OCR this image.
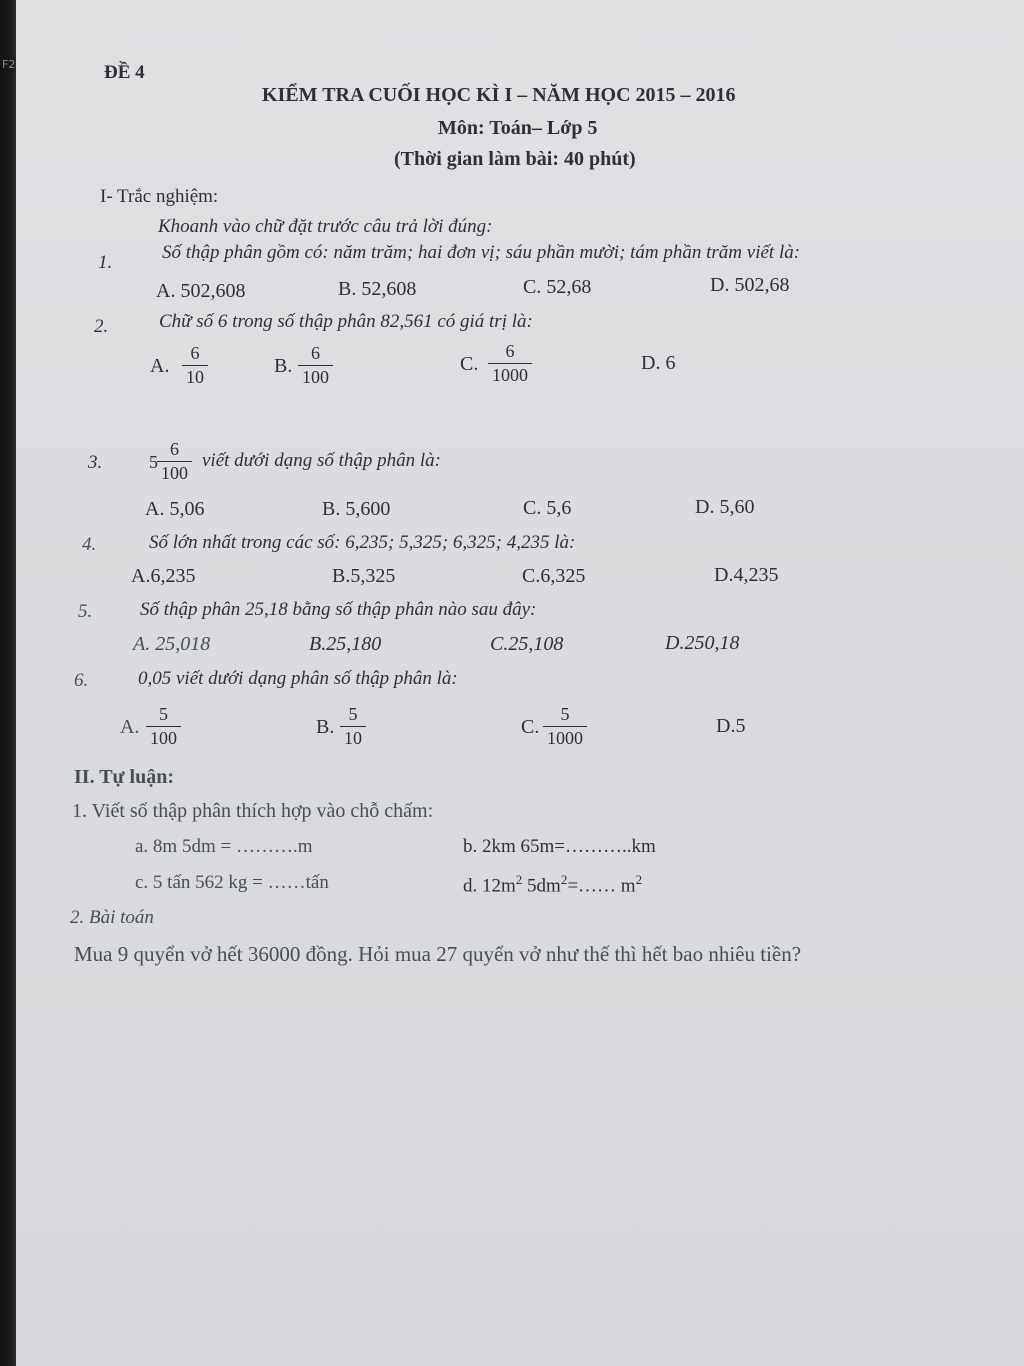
F2	ĐỀ 4
KIỂM TRA CUỐI HỌC KÌ I – NĂM HỌC 2015 – 2016
Môn: Toán– Lớp 5
(Thời gian làm bài: 40 phút)
I- Trắc nghiệm:
Khoanh vào chữ đặt trước câu trả lời đúng:
1.	Số thập phân gồm có: năm trăm; hai đơn vị; sáu phần mười; tám phần trăm viết là:
A. 502,608	B. 52,608	C. 52,68	D. 502,68
2.	Chữ số 6 trong số thập phân 82,561 có giá trị là:
A. $\frac{6}{10}$	B. $\frac{6}{100}$	C. $\frac{6}{1000}$	D. 6
3.	$5 \frac{6}{100}$ viết dưới dạng số thập phân là:
A. 5,06	B. 5,600	C. 5,6	D. 5,60
4.	Số lớn nhất trong các số: 6,235; 5,325; 6,325; 4,235 là:
A.6,235	B.5,325	C.6,325	D.4,235
5.	Số thập phân 25,18 bằng số thập phân nào sau đây:
A. 25,018	B.25,180	C.25,108	D.250,18
6.	0,05 viết dưới dạng phân số thập phân là:
A. $\frac{5}{100}$	B. $\frac{5}{10}$	C. $\frac{5}{1000}$	D.5
II. Tự luận:
1. Viết số thập phân thích hợp vào chỗ chấm:
a. 8m 5dm = ……….m	b. 2km 65m=………..km
c. 5 tấn 562 kg = ……tấn	d. $12m^2$ $5dm^2=\dots\dots$ $m^2$
2. Bài toán
Mua 9 quyển vở hết 36000 đồng. Hỏi mua 27 quyển vở như thế thì hết bao nhiêu tiền?
